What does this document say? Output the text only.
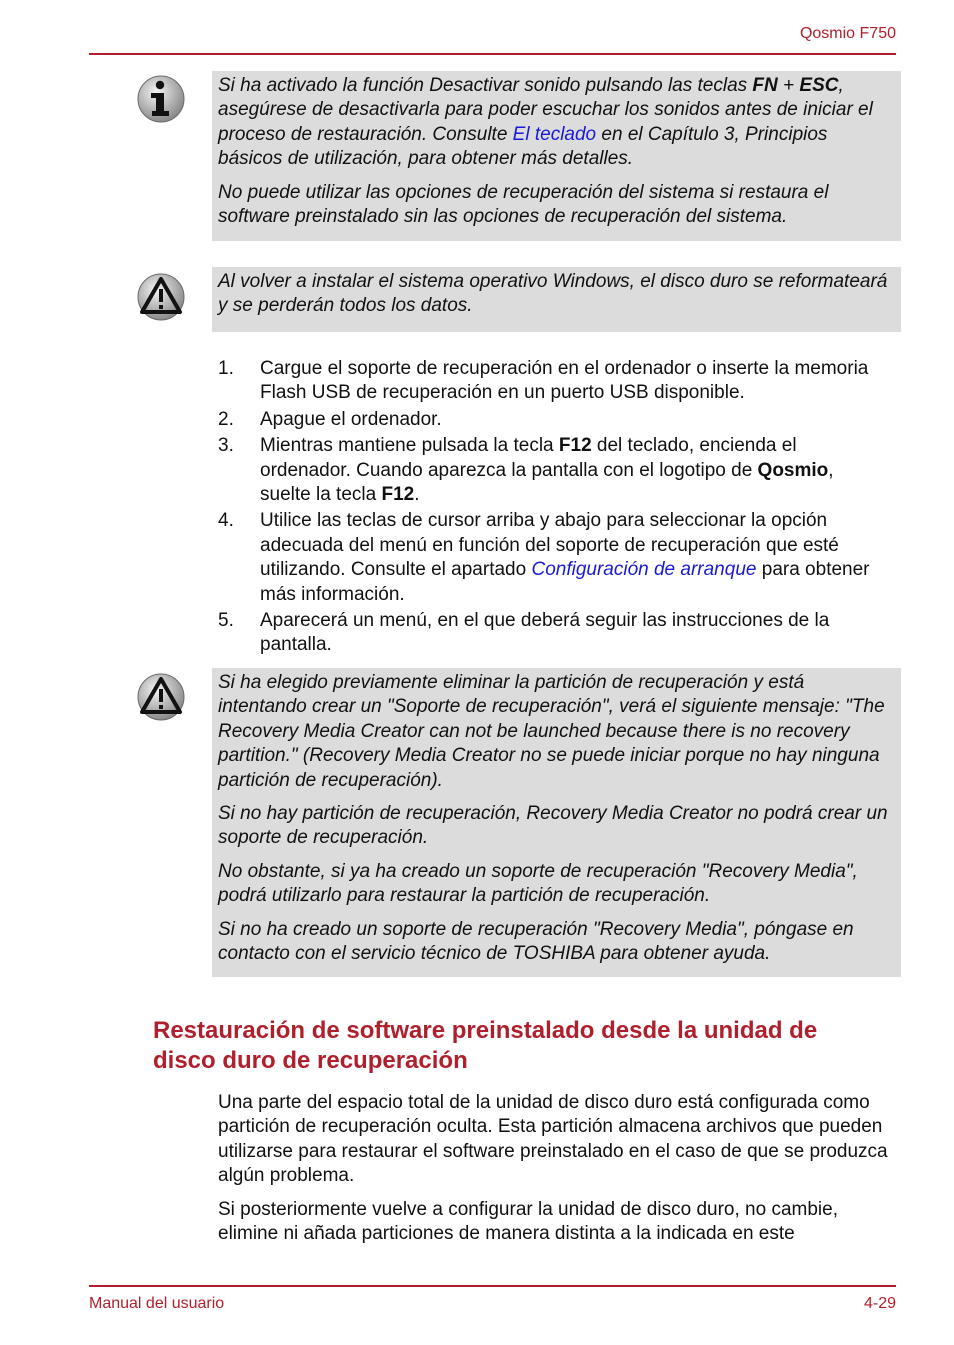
Qosmio F750

Si ha activado la función Desactivar sonido pulsando las teclas FN + ESC, asegúrese de desactivarla para poder escuchar los sonidos antes de iniciar el proceso de restauración. Consulte El teclado en el Capítulo 3, Principios básicos de utilización, para obtener más detalles.

No puede utilizar las opciones de recuperación del sistema si restaura el software preinstalado sin las opciones de recuperación del sistema.

Al volver a instalar el sistema operativo Windows, el disco duro se reformateará y se perderán todos los datos.

1. Cargue el soporte de recuperación en el ordenador o inserte la memoria Flash USB de recuperación en un puerto USB disponible.
2. Apague el ordenador.
3. Mientras mantiene pulsada la tecla F12 del teclado, encienda el ordenador. Cuando aparezca la pantalla con el logotipo de Qosmio, suelte la tecla F12.
4. Utilice las teclas de cursor arriba y abajo para seleccionar la opción adecuada del menú en función del soporte de recuperación que esté utilizando. Consulte el apartado Configuración de arranque para obtener más información.
5. Aparecerá un menú, en el que deberá seguir las instrucciones de la pantalla.

Si ha elegido previamente eliminar la partición de recuperación y está intentando crear un "Soporte de recuperación", verá el siguiente mensaje: "The Recovery Media Creator can not be launched because there is no recovery partition." (Recovery Media Creator no se puede iniciar porque no hay ninguna partición de recuperación).

Si no hay partición de recuperación, Recovery Media Creator no podrá crear un soporte de recuperación.

No obstante, si ya ha creado un soporte de recuperación "Recovery Media", podrá utilizarlo para restaurar la partición de recuperación.

Si no ha creado un soporte de recuperación "Recovery Media", póngase en contacto con el servicio técnico de TOSHIBA para obtener ayuda.

Restauración de software preinstalado desde la unidad de disco duro de recuperación

Una parte del espacio total de la unidad de disco duro está configurada como partición de recuperación oculta. Esta partición almacena archivos que pueden utilizarse para restaurar el software preinstalado en el caso de que se produzca algún problema.

Si posteriormente vuelve a configurar la unidad de disco duro, no cambie, elimine ni añada particiones de manera distinta a la indicada en este

Manual del usuario	4-29
